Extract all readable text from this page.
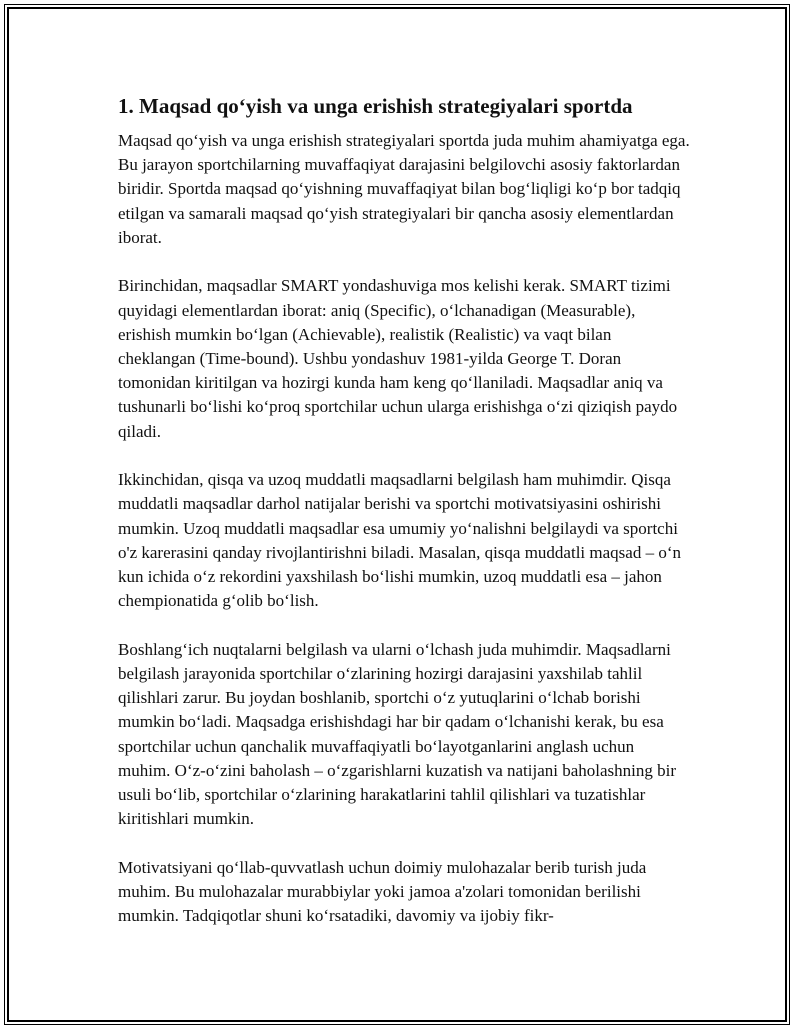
1. Maqsad qo‘yish va unga erishish strategiyalari sportda

Maqsad qo‘yish va unga erishish strategiyalari sportda juda muhim ahamiyatga ega. Bu jarayon sportchilarning muvaffaqiyat darajasini belgilovchi asosiy faktorlardan biridir. Sportda maqsad qo‘yishning muvaffaqiyat bilan bog‘liqligi ko‘p bor tadqiq etilgan va samarali maqsad qo‘yish strategiyalari bir qancha asosiy elementlardan iborat.

Birinchidan, maqsadlar SMART yondashuviga mos kelishi kerak. SMART tizimi quyidagi elementlardan iborat: aniq (Specific), o‘lchanadigan (Measurable), erishish mumkin bo‘lgan (Achievable), realistik (Realistic) va vaqt bilan cheklangan (Time-bound). Ushbu yondashuv 1981-yilda George T. Doran tomonidan kiritilgan va hozirgi kunda ham keng qo‘llaniladi. Maqsadlar aniq va tushunarli bo‘lishi ko‘proq sportchilar uchun ularga erishishga o‘zi qiziqish paydo qiladi.

Ikkinchidan, qisqa va uzoq muddatli maqsadlarni belgilash ham muhimdir. Qisqa muddatli maqsadlar darhol natijalar berishi va sportchi motivatsiyasini oshirishi mumkin. Uzoq muddatli maqsadlar esa umumiy yo‘nalishni belgilaydi va sportchi o'z karerasini qanday rivojlantirishni biladi. Masalan, qisqa muddatli maqsad – o‘n kun ichida o‘z rekordini yaxshilash bo‘lishi mumkin, uzoq muddatli esa – jahon chempionatida g‘olib bo‘lish.

Boshlang‘ich nuqtalarni belgilash va ularni o‘lchash juda muhimdir. Maqsadlarni belgilash jarayonida sportchilar o‘zlarining hozirgi darajasini yaxshilab tahlil qilishlari zarur. Bu joydan boshlanib, sportchi o‘z yutuqlarini o‘lchab borishi mumkin bo‘ladi. Maqsadga erishishdagi har bir qadam o‘lchanishi kerak, bu esa sportchilar uchun qanchalik muvaffaqiyatli bo‘layotganlarini anglash uchun muhim. O‘z-o‘zini baholash – o‘zgarishlarni kuzatish va natijani baholashning bir usuli bo‘lib, sportchilar o‘zlarining harakatlarini tahlil qilishlari va tuzatishlar kiritishlari mumkin.

Motivatsiyani qo‘llab-quvvatlash uchun doimiy mulohazalar berib turish juda muhim. Bu mulohazalar murabbiylar yoki jamoa a'zolari tomonidan berilishi mumkin. Tadqiqotlar shuni ko‘rsatadiki, davomiy va ijobiy fikr-
